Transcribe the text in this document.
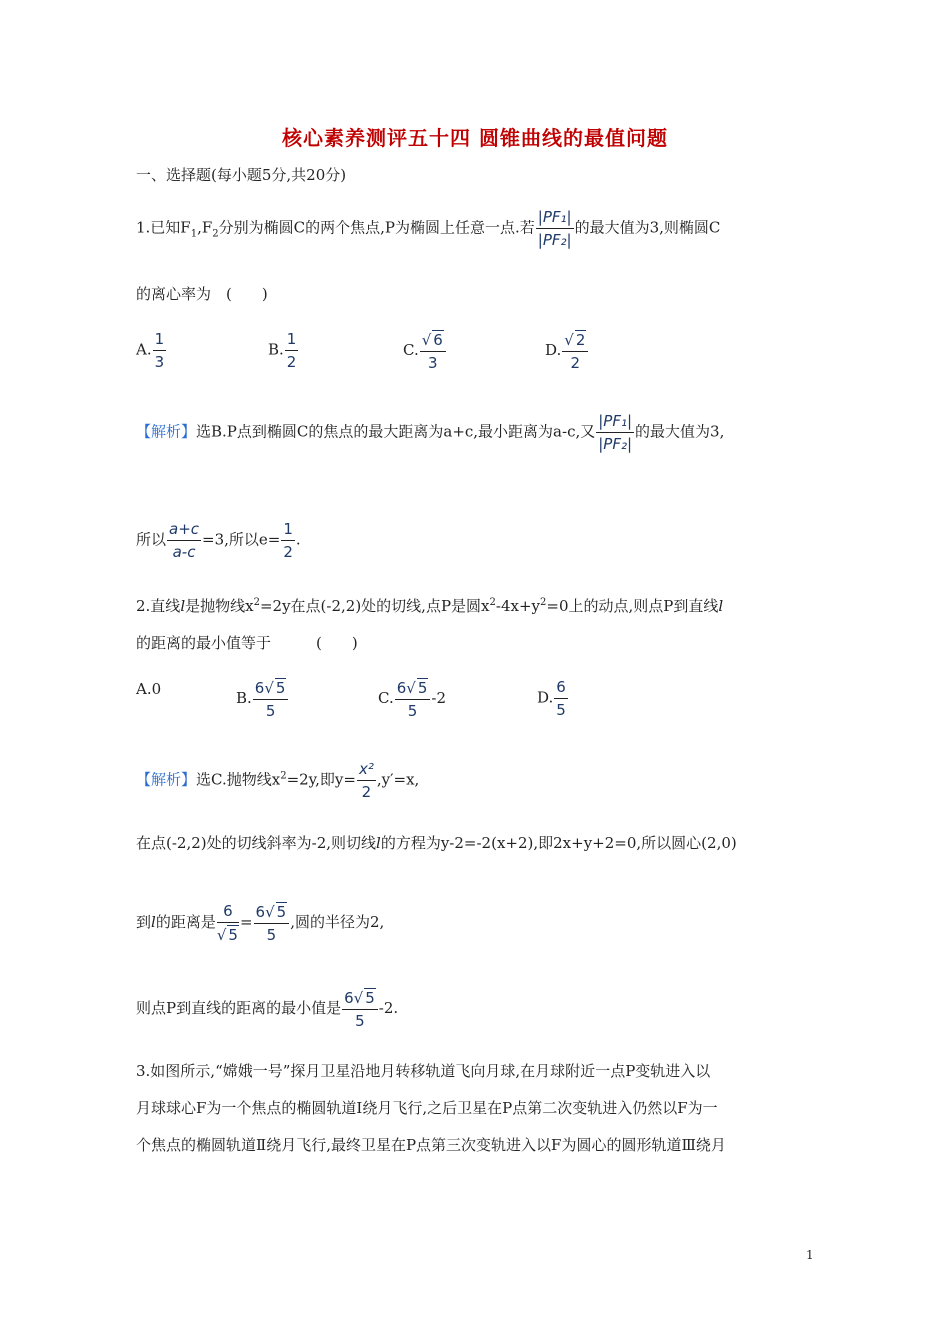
核心素养测评五十四 圆锥曲线的最值问题
一、选择题(每小题5分,共20分)
1.已知$F_1,F_2$分别为椭圆C的两个焦点,P为椭圆上任意一点.若 $\frac{\text{|PF₁|}}{\text{|PF₂|}}$ 的最大值为3,则椭圆C
的离心率为　(　　)
A. $\frac{1}{3}$	B. $\frac{1}{2}$	C. $\frac{√ 6}{3}$	D. $\frac{√ 2}{2}$
【解析】选B.P点到椭圆C的焦点的最大距离为a+c,最小距离为a-c,又 $\frac{\text{|PF₁|}}{\text{|PF₂|}}$ 的最大值为3,
所以 $\frac{a+c}{a-c} =3$,所以$e= \frac{1}{2}$ .
2.直线l是抛物线$x^2=2y$在点(-2,2)处的切线,点P是圆$x^2-4x+y^2=0$上的动点,则点P到直线l
的距离的最小值等于　　　(　　)
A.0	B. $\frac{6√ 5}{5}$	C. $\frac{6√ 5}{5} -2$	D. $\frac{6}{5}$
【解析】选C.抛物线$x^2=2y$,即$y= \frac{\text{x²}}{2} ,y'=x$,
在点(-2,2)处的切线斜率为-2,则切线l的方程为y-2=-2(x+2),即2x+y+2=0,所以圆心(2,0)
到l的距离是 $\frac{6}{√ 5} = \frac{6√ 5}{5}$ ,圆的半径为2,
则点P到直线的距离的最小值是 $\frac{6√ 5}{5} -2$.
3.如图所示,“嫦娥一号”探月卫星沿地月转移轨道飞向月球,在月球附近一点P变轨进入以
月球球心F为一个焦点的椭圆轨道Ⅰ绕月飞行,之后卫星在P点第二次变轨进入仍然以F为一
个焦点的椭圆轨道Ⅱ绕月飞行,最终卫星在P点第三次变轨进入以F为圆心的圆形轨道Ⅲ绕月
1
